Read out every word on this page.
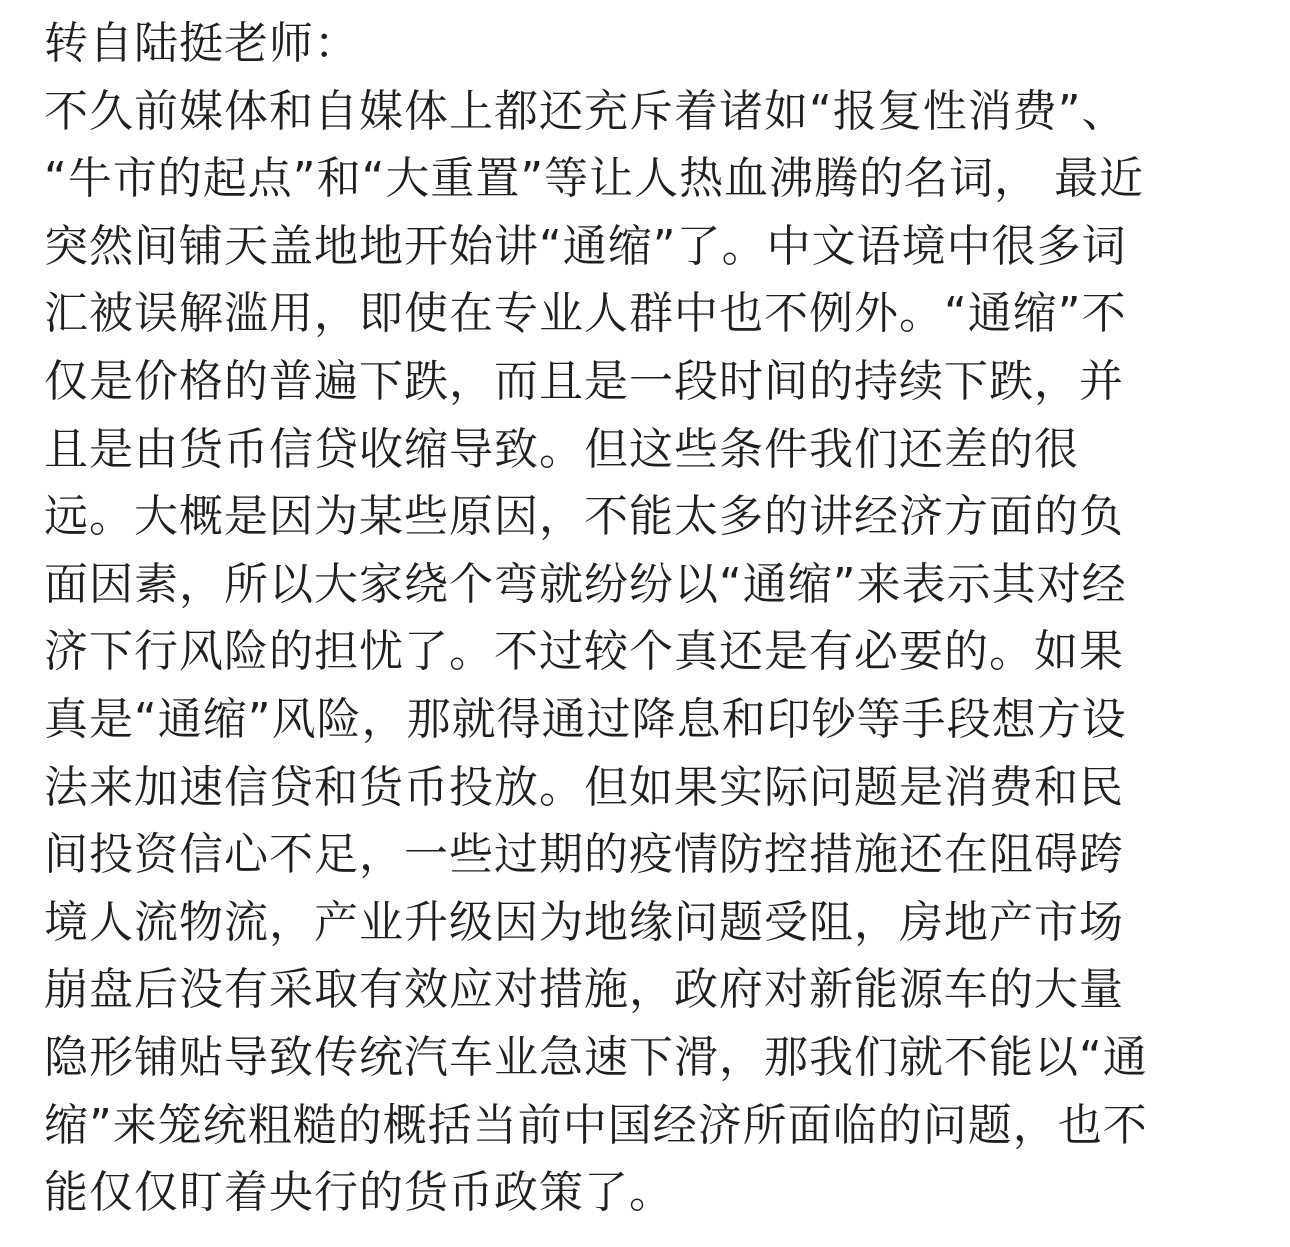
转自陆挺老师：
不久前媒体和自媒体上都还充斥着诸如“报复性消费”、
“牛市的起点”和“大重置”等让人热血沸腾的名词， 最近
突然间铺天盖地地开始讲“通缩”了。中文语境中很多词
汇被误解滥用，即使在专业人群中也不例外。“通缩”不
仅是价格的普遍下跌，而且是一段时间的持续下跌，并
且是由货币信贷收缩导致。但这些条件我们还差的很
远。大概是因为某些原因，不能太多的讲经济方面的负
面因素，所以大家绕个弯就纷纷以“通缩”来表示其对经
济下行风险的担忧了。不过较个真还是有必要的。如果
真是“通缩”风险，那就得通过降息和印钞等手段想方设
法来加速信贷和货币投放。但如果实际问题是消费和民
间投资信心不足，一些过期的疫情防控措施还在阻碍跨
境人流物流，产业升级因为地缘问题受阻，房地产市场
崩盘后没有采取有效应对措施，政府对新能源车的大量
隐形铺贴导致传统汽车业急速下滑，那我们就不能以“通
缩”来笼统粗糙的概括当前中国经济所面临的问题，也不
能仅仅盯着央行的货币政策了。
